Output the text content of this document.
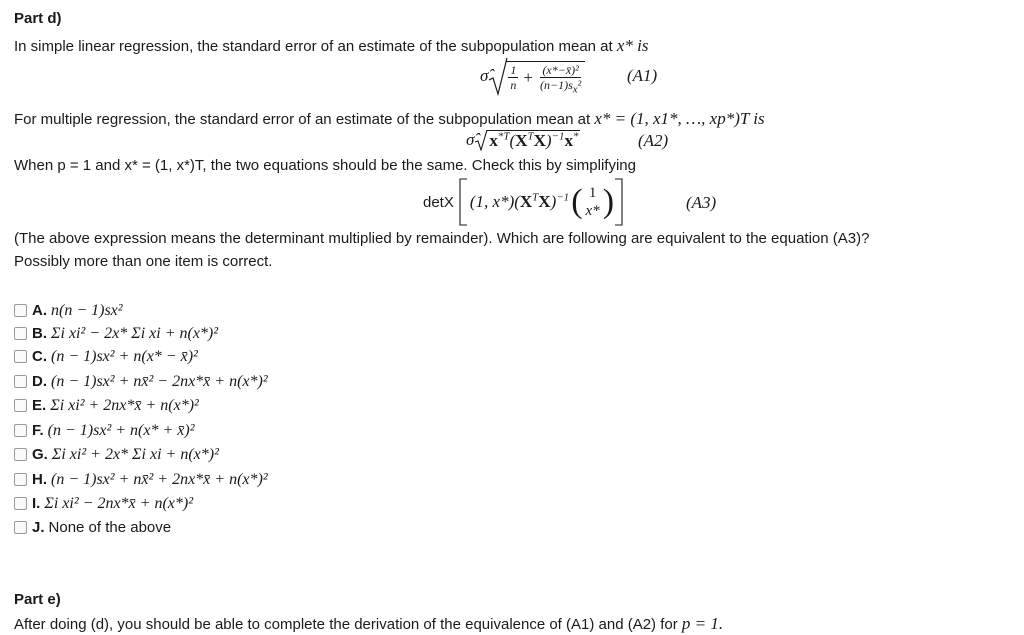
Part d)
In simple linear regression, the standard error of an estimate of the subpopulation mean at x* is
σ̂ $\frac{1}{n} + \frac{\text{(x*−x̄)²}}{(n-1)s_x^2}$	(A1)
For multiple regression, the standard error of an estimate of the subpopulation mean at x* = (1, x1*, …, xp*)T is
σ̂ $x^{*T}(X^TX)^{-1}x^*$	(A2)
When p = 1 and x* = (1, x*)T, the two equations should be the same. Check this by simplifying
detX (1, $x*)(X^TX)^{-1}$ ( 1
x* )	(A3)
(The above expression means the determinant multiplied by remainder). Which are following are equivalent to the equation (A3)?
Possibly more than one item is correct.
A. n(n − 1)sx²
B. Σi xi² − 2x* Σi xi + n(x*)²
C. (n − 1)sx² + n(x* − x̄)²
D. (n − 1)sx² + nx̄² − 2nx*x̄ + n(x*)²
E. Σi xi² + 2nx*x̄ + n(x*)²
F. (n − 1)sx² + n(x* + x̄)²
G. Σi xi² + 2x* Σi xi + n(x*)²
H. (n − 1)sx² + nx̄² + 2nx*x̄ + n(x*)²
I. Σi xi² − 2nx*x̄ + n(x*)²
J. None of the above
Part e)
After doing (d), you should be able to complete the derivation of the equivalence of (A1) and (A2) for p = 1.
